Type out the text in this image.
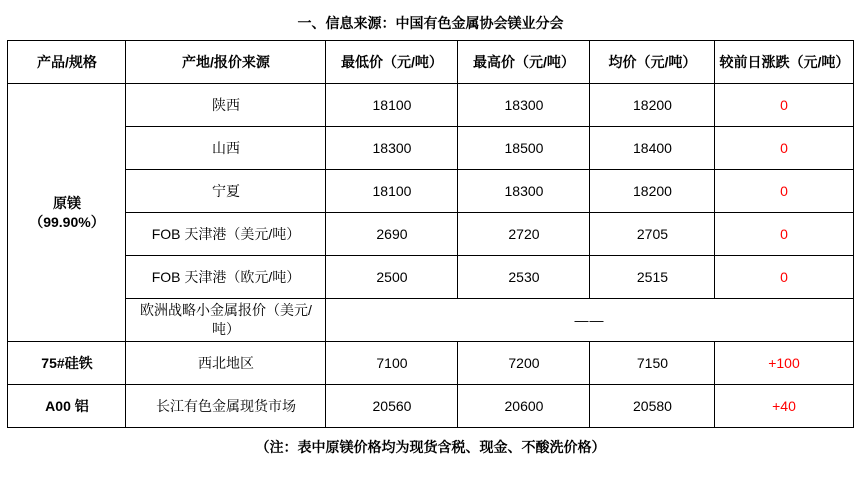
一、信息来源：中国有色金属协会镁业分会					
产品/规格	产地/报价来源	最低价（元/吨）	最高价（元/吨）	均价（元/吨）	较前日涨跌（元/吨）
原镁
（99.90%）	陕西	18100	18300	18200	0
	山西	18300	18500	18400	0
	宁夏	18100	18300	18200	0
	FOB 天津港（美元/吨）	2690	2720	2705	0
	FOB 天津港（欧元/吨）	2500	2530	2515	0
	欧洲战略小金属报价（美元/吨）	——			
75#硅铁	西北地区	7100	7200	7150	+100
A00 铝	长江有色金属现货市场	20560	20600	20580	+40
（注：表中原镁价格均为现货含税、现金、不酸洗价格）					
